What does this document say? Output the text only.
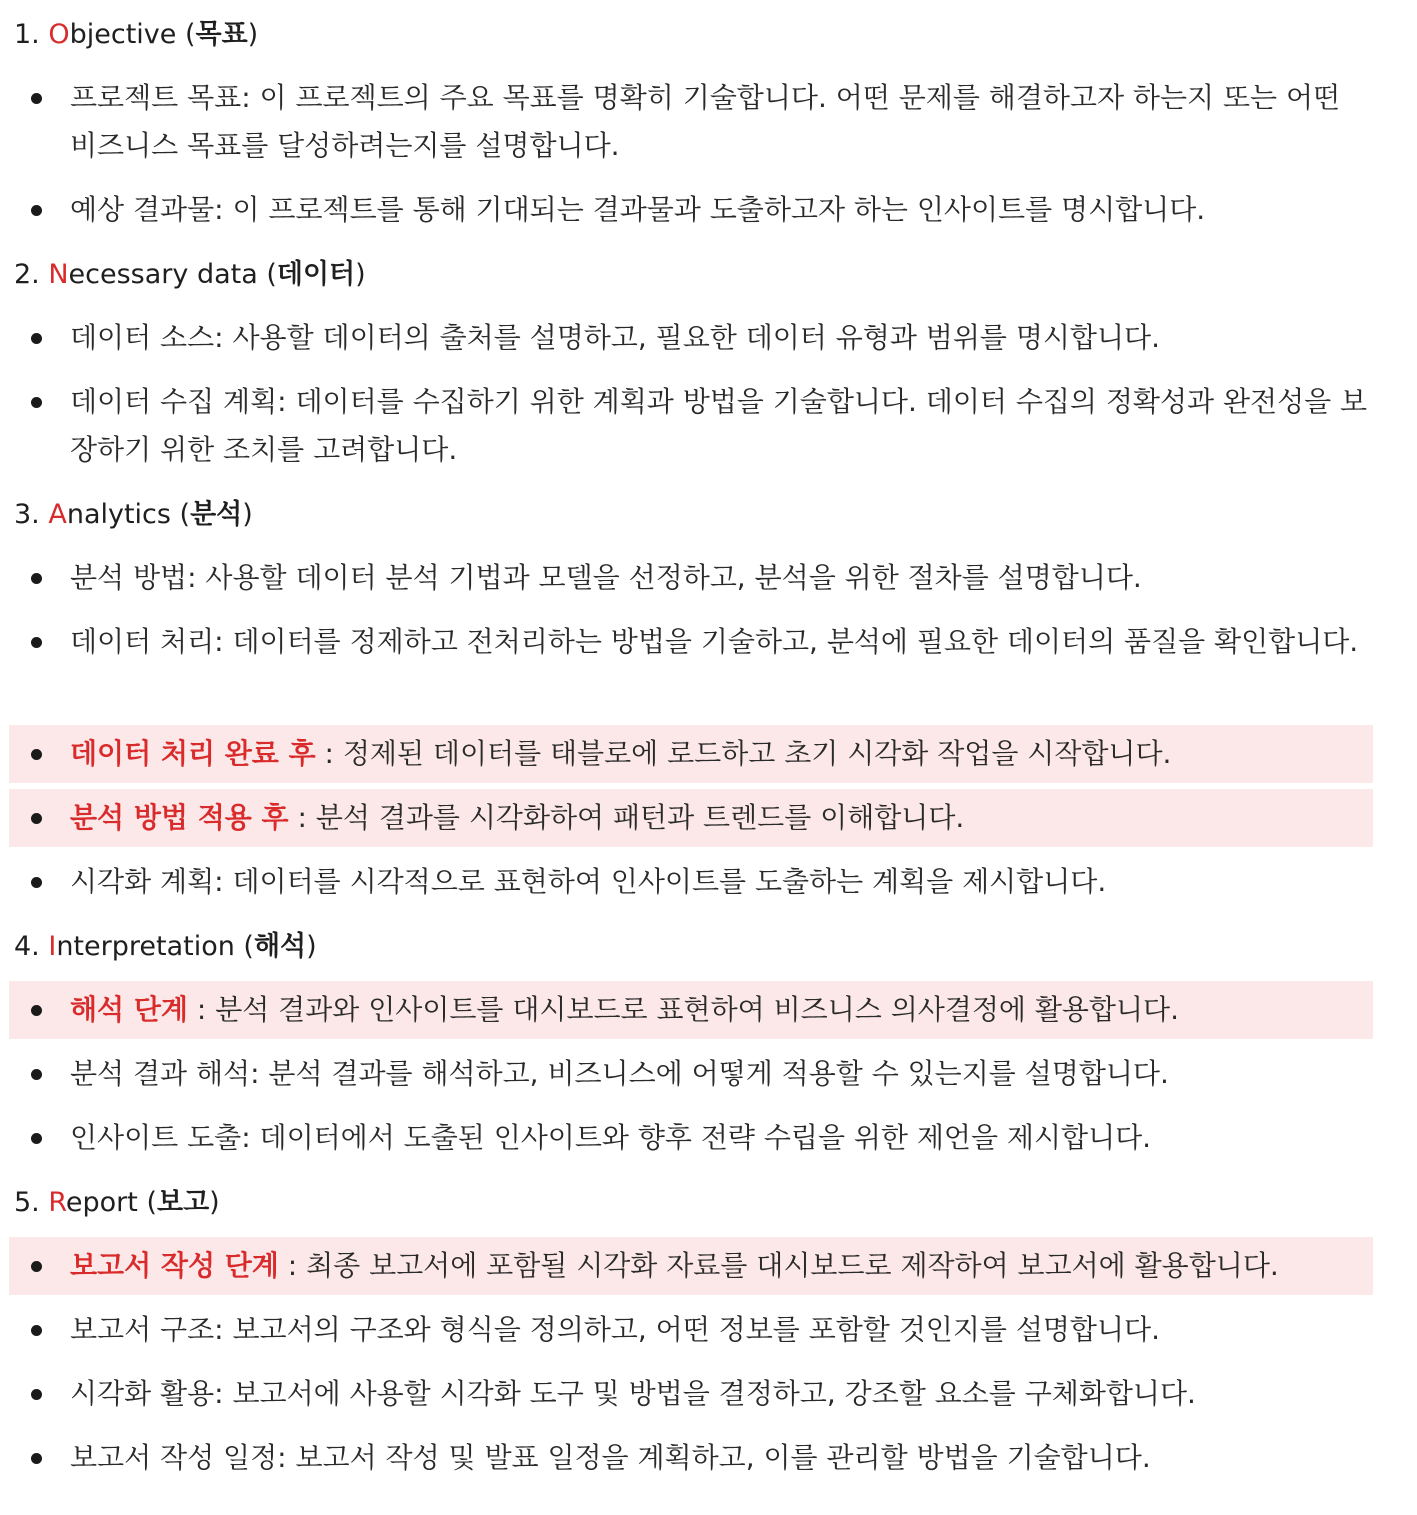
1. Objective (목표)
프로젝트 목표: 이 프로젝트의 주요 목표를 명확히 기술합니다. 어떤 문제를 해결하고자 하는지 또는 어떤 비즈니스 목표를 달성하려는지를 설명합니다.
예상 결과물: 이 프로젝트를 통해 기대되는 결과물과 도출하고자 하는 인사이트를 명시합니다.
2. Necessary data (데이터)
데이터 소스: 사용할 데이터의 출처를 설명하고, 필요한 데이터 유형과 범위를 명시합니다.
데이터 수집 계획: 데이터를 수집하기 위한 계획과 방법을 기술합니다. 데이터 수집의 정확성과 완전성을 보장하기 위한 조치를 고려합니다.
3. Analytics (분석)
분석 방법: 사용할 데이터 분석 기법과 모델을 선정하고, 분석을 위한 절차를 설명합니다.
데이터 처리: 데이터를 정제하고 전처리하는 방법을 기술하고, 분석에 필요한 데이터의 품질을 확인합니다.
데이터 처리 완료 후 : 정제된 데이터를 태블로에 로드하고 초기 시각화 작업을 시작합니다.
분석 방법 적용 후 : 분석 결과를 시각화하여 패턴과 트렌드를 이해합니다.
시각화 계획: 데이터를 시각적으로 표현하여 인사이트를 도출하는 계획을 제시합니다.
4. Interpretation (해석)
해석 단계 : 분석 결과와 인사이트를 대시보드로 표현하여 비즈니스 의사결정에 활용합니다.
분석 결과 해석: 분석 결과를 해석하고, 비즈니스에 어떻게 적용할 수 있는지를 설명합니다.
인사이트 도출: 데이터에서 도출된 인사이트와 향후 전략 수립을 위한 제언을 제시합니다.
5. Report (보고)
보고서 작성 단계 : 최종 보고서에 포함될 시각화 자료를 대시보드로 제작하여 보고서에 활용합니다.
보고서 구조: 보고서의 구조와 형식을 정의하고, 어떤 정보를 포함할 것인지를 설명합니다.
시각화 활용: 보고서에 사용할 시각화 도구 및 방법을 결정하고, 강조할 요소를 구체화합니다.
보고서 작성 일정: 보고서 작성 및 발표 일정을 계획하고, 이를 관리할 방법을 기술합니다.
